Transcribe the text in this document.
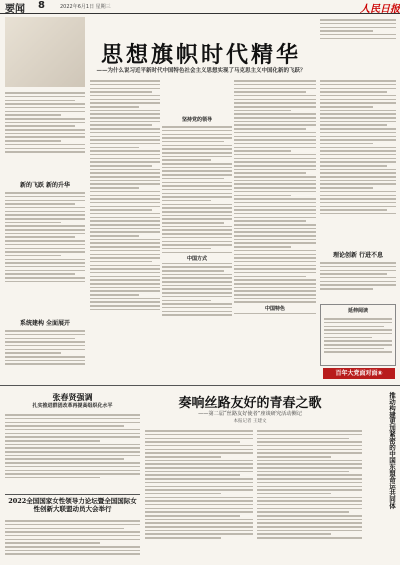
要闻 8	2022年6月1日 星期三	人民日报
新的飞跃 新的升华
系统建构 全面展开
思想旗帜时代精华
——为什么说习近平新时代中国特色社会主义思想实现了马克思主义中国化新的飞跃？
坚持党的领导
中国方式
中国特色
理论创新 行进不息
延伸阅读
百年大党面对面⑧
张春贤强调
扎实推进群团改革再提高组织化水平
2022全国国家女性领导力论坛暨全国国际女性创新大联盟动员大会举行
奏响丝路友好的青春之歌
——第二届“丝路友好使者”座谈研究活动侧记
本报记者 王建文	推动构建更加紧密的中国东盟命运共同体
